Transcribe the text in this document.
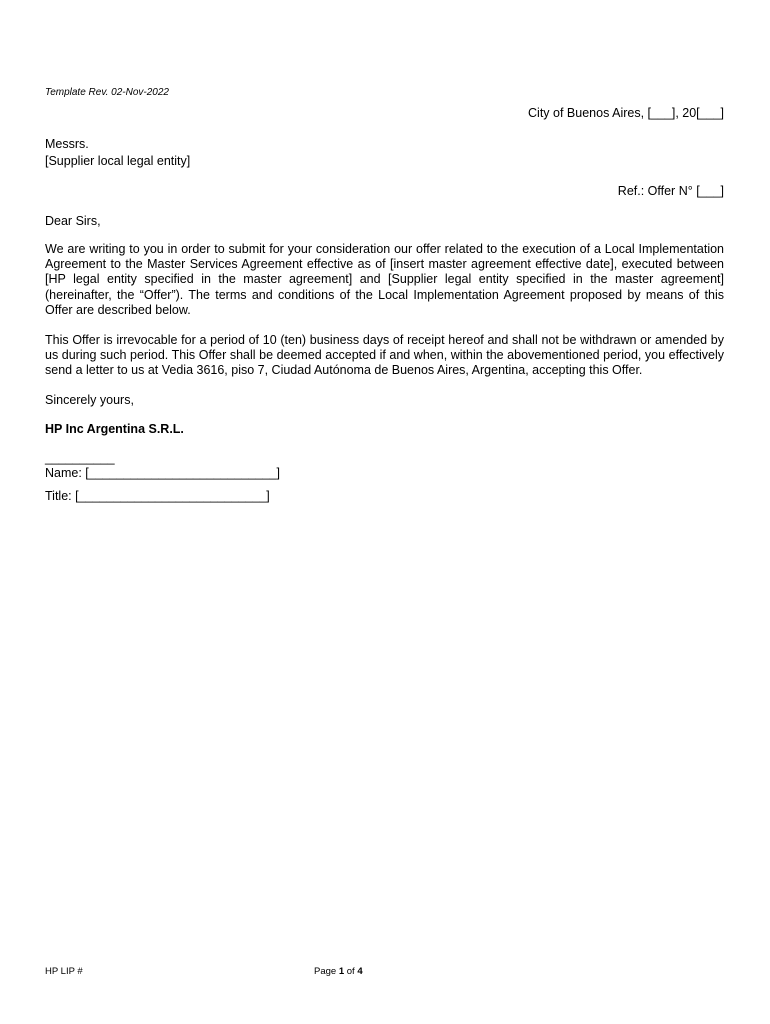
Template Rev. 02-Nov-2022
City of Buenos Aires, [___], 20[___]
Messrs.
[Supplier local legal entity]
Ref.: Offer N° [___]
Dear Sirs,
We are writing to you in order to submit for your consideration our offer related to the execution of a Local Implementation Agreement to the Master Services Agreement effective as of [insert master agreement effective date], executed between [HP legal entity specified in the master agreement] and [Supplier legal entity specified in the master agreement] (hereinafter, the “Offer”). The terms and conditions of the Local Implementation Agreement proposed by means of this Offer are described below.
This Offer is irrevocable for a period of 10 (ten) business days of receipt hereof and shall not be withdrawn or amended by us during such period. This Offer shall be deemed accepted if and when, within the abovementioned period, you effectively send a letter to us at Vedia 3616, piso 7, Ciudad Autónoma de Buenos Aires, Argentina, accepting this Offer.
Sincerely yours,
HP Inc Argentina S.R.L.
__________
Name: [___________________________]
Title: [___________________________]
HP LIP #	Page 1 of 4
